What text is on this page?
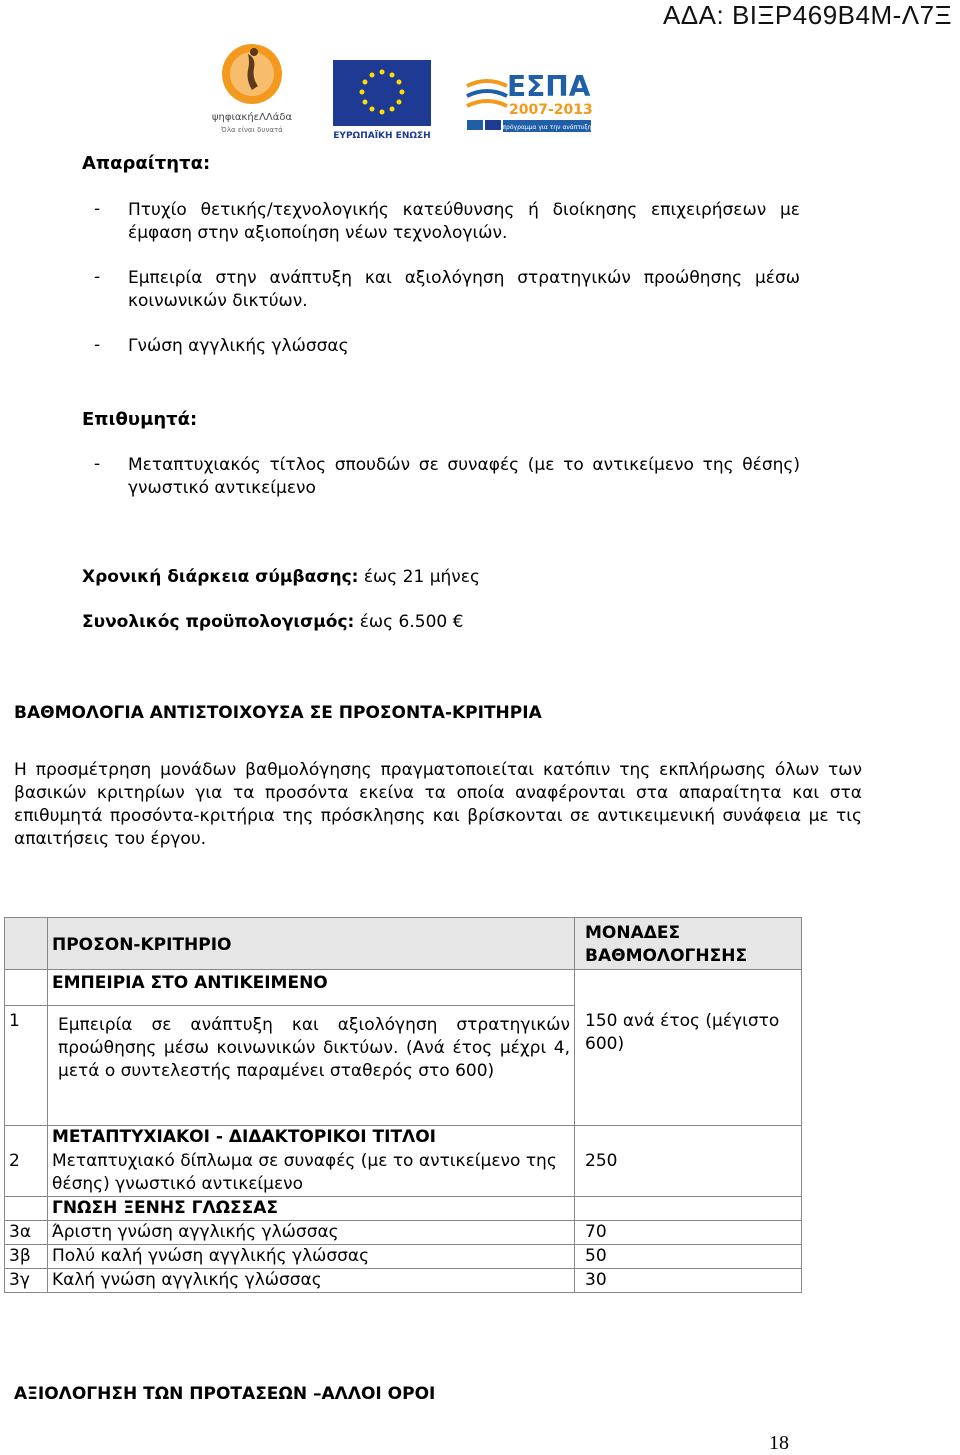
ΑΔΑ: ΒΙΞΡ469Β4Μ-Λ7Ξ
ψηφιακήεΛΛάδα
Όλα είναι δυνατά
ΕΥΡΩΠΑΪΚΗ ΕΝΩΣΗ
ΕΣΠΑ
2007-2013
πρόγραμμα για την ανάπτυξη
Απαραίτητα:
- Πτυχίο θετικής/τεχνολογικής κατεύθυνσης ή διοίκησης επιχειρήσεων με έμφαση στην αξιοποίηση νέων τεχνολογιών.
- Εμπειρία στην ανάπτυξη και αξιολόγηση στρατηγικών προώθησης μέσω κοινωνικών δικτύων.
- Γνώση αγγλικής γλώσσας
Επιθυμητά:
- Μεταπτυχιακός τίτλος σπουδών σε συναφές (με το αντικείμενο της θέσης) γνωστικό αντικείμενο
Χρονική διάρκεια σύμβασης: έως 21 μήνες
Συνολικός προϋπολογισμός: έως 6.500 €
ΒΑΘΜΟΛΟΓΙΑ ΑΝΤΙΣΤΟΙΧΟΥΣΑ ΣΕ ΠΡΟΣΟΝΤΑ-ΚΡΙΤΗΡΙΑ
Η προσμέτρηση μονάδων βαθμολόγησης πραγματοποιείται κατόπιν της εκπλήρωσης όλων των βασικών κριτηρίων για τα προσόντα εκείνα τα οποία αναφέρονται στα απαραίτητα και στα επιθυμητά προσόντα-κριτήρια της πρόσκλησης και βρίσκονται σε αντικειμενική συνάφεια με τις απαιτήσεις του έργου.
	ΠΡΟΣΟΝ-ΚΡΙΤΗΡΙΟ	ΜΟΝΑΔΕΣ ΒΑΘΜΟΛΟΓΗΣΗΣ
	ΕΜΠΕΙΡΙΑ ΣΤΟ ΑΝΤΙΚΕΙΜΕΝΟ	
1	Εμπειρία σε ανάπτυξη και αξιολόγηση στρατηγικών προώθησης μέσω κοινωνικών δικτύων. (Ανά έτος μέχρι 4, μετά ο συντελεστής παραμένει σταθερός στο 600)	150 ανά έτος (μέγιστο 600)
	ΜΕΤΑΠΤΥΧΙΑΚΟΙ - ΔΙΔΑΚΤΟΡΙΚΟΙ ΤΙΤΛΟΙ	
2	Μεταπτυχιακό δίπλωμα σε συναφές (με το αντικείμενο της θέσης) γνωστικό αντικείμενο	250
	ΓΝΩΣΗ ΞΕΝΗΣ ΓΛΩΣΣΑΣ	
3α	Άριστη γνώση αγγλικής γλώσσας	70
3β	Πολύ καλή γνώση αγγλικής γλώσσας	50
3γ	Καλή γνώση αγγλικής γλώσσας	30
ΑΞΙΟΛΟΓΗΣΗ ΤΩΝ ΠΡΟΤΑΣΕΩΝ –ΑΛΛΟΙ ΟΡΟΙ
18
